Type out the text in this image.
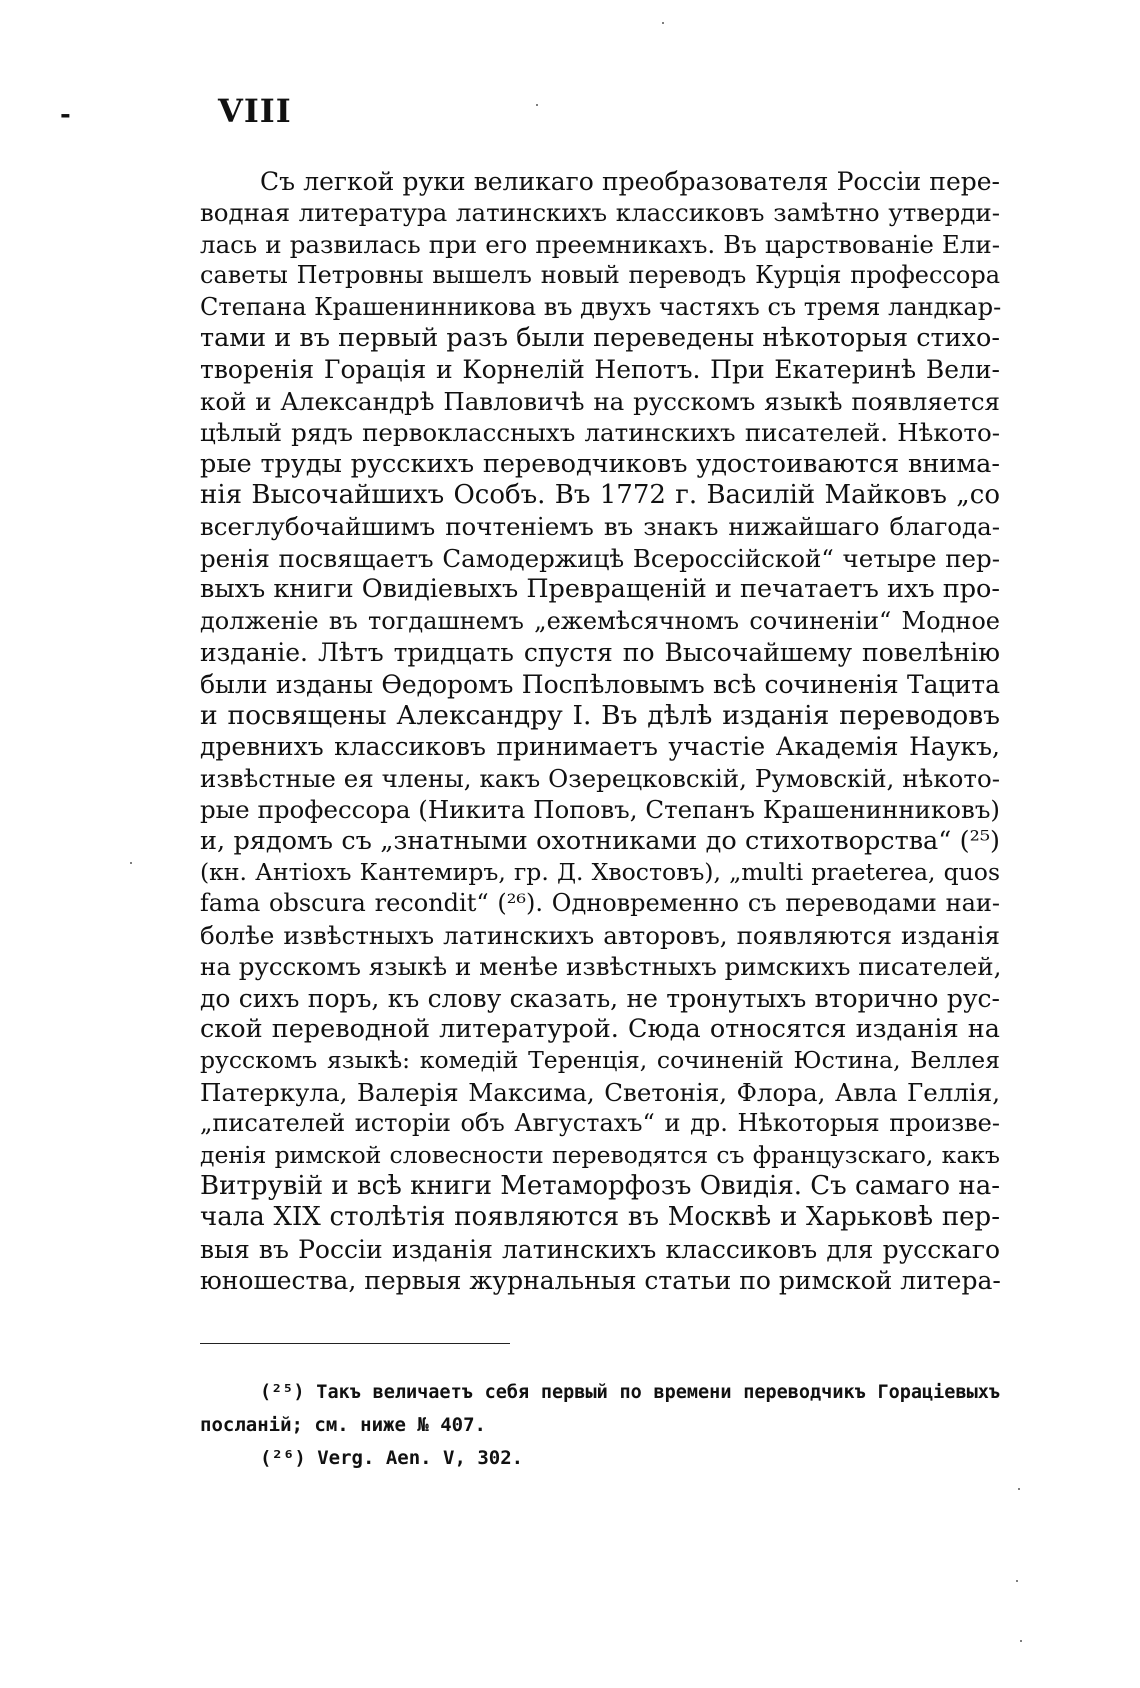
-	VIII
Съ легкой руки великаго преобразователя Россіи пере-
водная литература латинскихъ классиковъ замѣтно утверди-
лась и развилась при его преемникахъ. Въ царствованіе Ели-
саветы Петровны вышелъ новый переводъ Курція профессора
Степана Крашенинникова въ двухъ частяхъ съ тремя ландкар-
тами и въ первый разъ были переведены нѣкоторыя стихо-
творенія Горація и Корнелій Непотъ. При Екатеринѣ Вели-
кой и Александрѣ Павловичѣ на русскомъ языкѣ появляется
цѣлый рядъ первоклассныхъ латинскихъ писателей. Нѣкото-
рые труды русскихъ переводчиковъ удостоиваются внима-
нія Высочайшихъ Особъ. Въ 1772 г. Василій Майковъ „со
всеглубочайшимъ почтеніемъ въ знакъ нижайшаго благода-
ренія посвящаетъ Самодержицѣ Всероссійской“ четыре пер-
выхъ книги Овидіевыхъ Превращеній и печатаетъ ихъ про-
долженіе въ тогдашнемъ „ежемѣсячномъ сочиненіи“ Модное
изданіе. Лѣтъ тридцать спустя по Высочайшему повелѣнію
были изданы Ѳедоромъ Поспѣловымъ всѣ сочиненія Тацита
и посвящены Александру I. Въ дѣлѣ изданія переводовъ
древнихъ классиковъ принимаетъ участіе Академія Наукъ,
извѣстные ея члены, какъ Озерецковскій, Румовскій, нѣкото-
рые профессора (Никита Поповъ, Степанъ Крашенинниковъ)
и, рядомъ съ „знатными охотниками до стихотворства“ (²⁵)
(кн. Антіохъ Кантемиръ, гр. Д. Хвостовъ), „multi praeterea, quos
fama obscura recondit“ (²⁶). Одновременно съ переводами наи-
болѣе извѣстныхъ латинскихъ авторовъ, появляются изданія
на русскомъ языкѣ и менѣе извѣстныхъ римскихъ писателей,
до сихъ поръ, къ слову сказать, не тронутыхъ вторично рус-
ской переводной литературой. Сюда относятся изданія на
русскомъ языкѣ: комедій Теренція, сочиненій Юстина, Веллея
Патеркула, Валерія Максима, Светонія, Флора, Авла Геллія,
„писателей исторіи объ Августахъ“ и др. Нѣкоторыя произве-
денія римской словесности переводятся съ французскаго, какъ
Витрувій и всѣ книги Метаморфозъ Овидія. Съ самаго на-
чала XIX столѣтія появляются въ Москвѣ и Харьковѣ пер-
выя въ Россіи изданія латинскихъ классиковъ для русскаго
юношества, первыя журнальныя статьи по римской литера-
(²⁵) Такъ величаетъ себя первый по времени переводчикъ Гораціевыхъ
посланій; см. ниже № 407.
(²⁶) Verg. Aen. V, 302.
